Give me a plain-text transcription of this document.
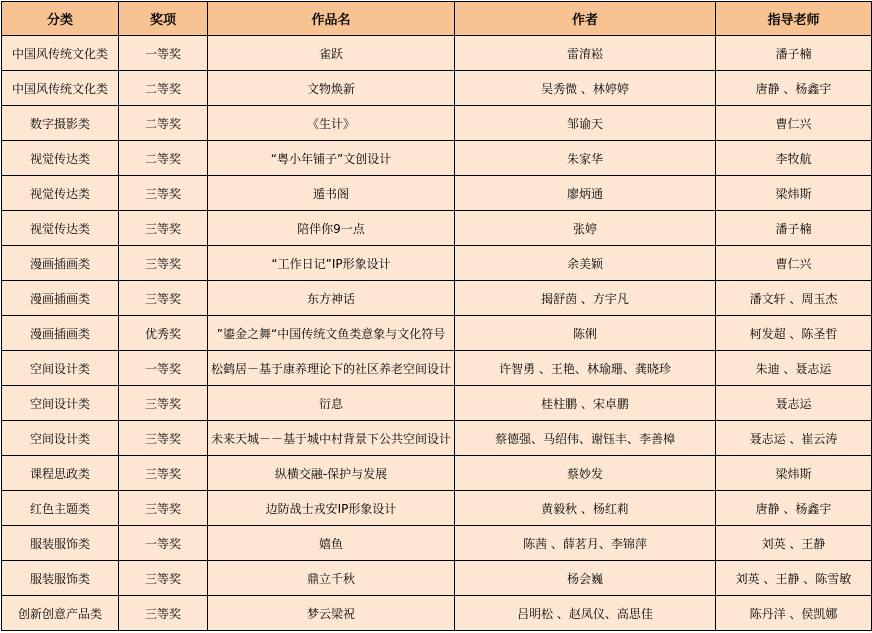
分类	奖项	作品名	作者	指导老师
中国风传统文化类	一等奖	雀跃	雷淯崧	潘子楠
中国风传统文化类	二等奖	文物焕新	吴秀微 、林婷婷	唐静 、杨鑫宇
数字摄影类	二等奖	《生计》	邹谕天	曹仁兴
视觉传达类	二等奖	“粤小年铺子”文创设计	朱家华	李牧航
视觉传达类	三等奖	遁书阁	廖炳通	梁炜斯
视觉传达类	三等奖	陪伴你9一点	张婷	潘子楠
漫画插画类	三等奖	“工作日记”IP形象设计	余美颖	曹仁兴
漫画插画类	三等奖	东方神话	揭舒茵 、方宇凡	潘文轩 、周玉杰
漫画插画类	优秀奖	”鎏金之舞“中国传统文鱼类意象与文化符号	陈俐	柯发超 、陈圣哲
空间设计类	一等奖	松鹤居－基于康养理论下的社区养老空间设计	许智勇 、王艳、林瑜珊、龚晓珍	朱迪 、聂志运
空间设计类	三等奖	衍息	桂柱鹏 、宋卓鹏	聂志运
空间设计类	三等奖	未来天城－－基于城中村背景下公共空间设计	蔡德强、马绍伟、谢钰丰、李善樟	聂志运 、崔云涛
课程思政类	三等奖	纵横交融-保护与发展	蔡妙发	梁炜斯
红色主题类	三等奖	边防战士戎安IP形象设计	黄毅秋 、杨红莉	唐静 、杨鑫宇
服装服饰类	一等奖	嬉鱼	陈茜 、薛茗月、李锦萍	刘英 、王静
服装服饰类	三等奖	鼎立千秋	杨会巍	刘英 、王静 、陈雪敏
创新创意产品类	三等奖	梦云梁祝	吕明松 、赵凤仪、高思佳	陈丹洋 、侯凯娜
